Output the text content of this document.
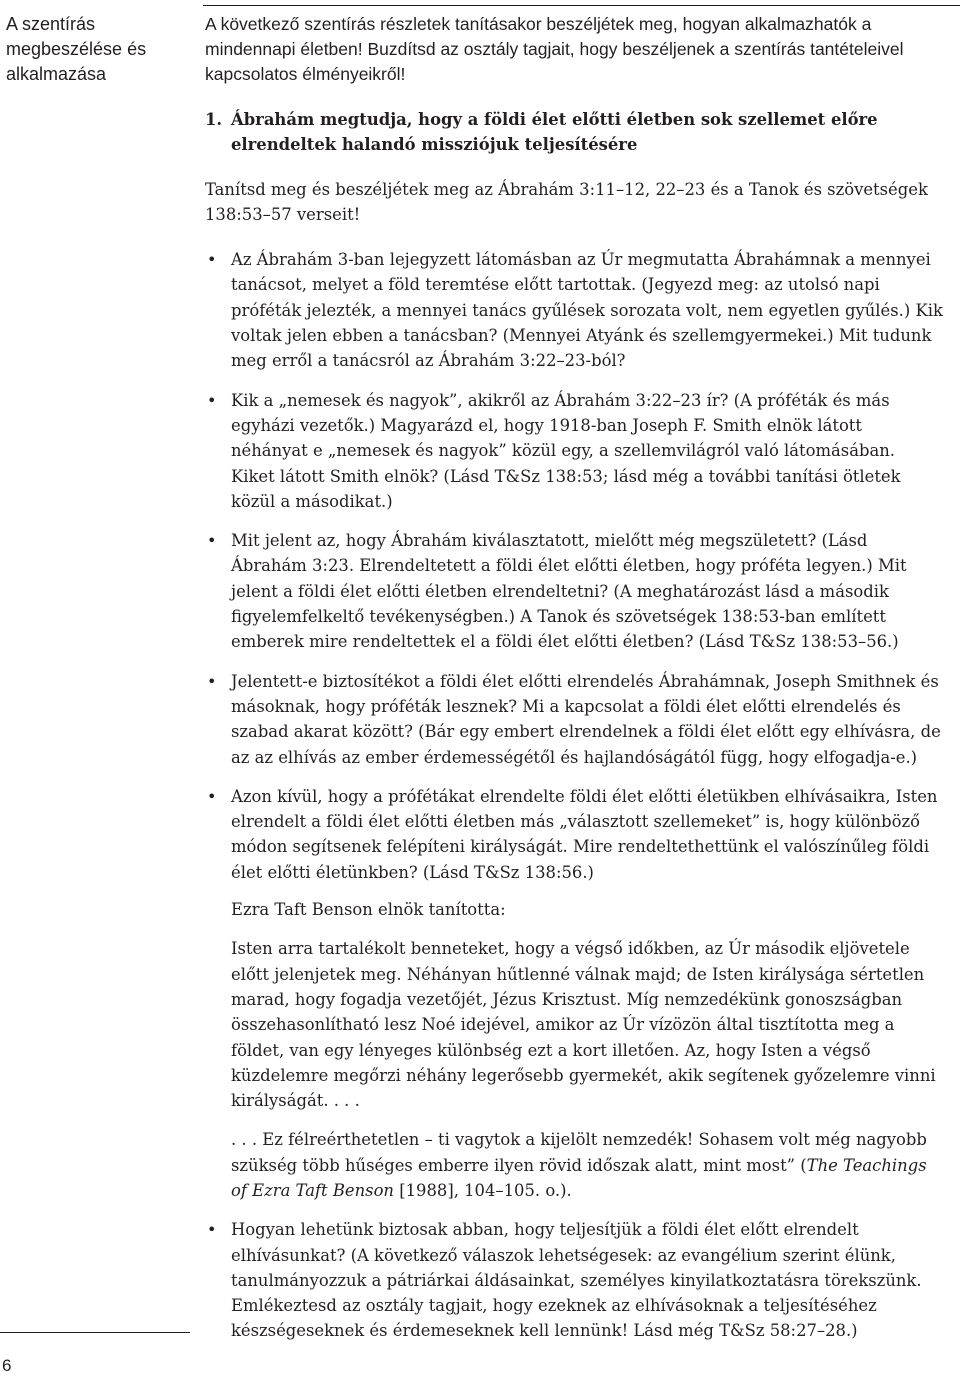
A szentírás
megbeszélése és
alkalmazása

A következő szentírás részletek tanításakor beszéljétek meg, hogyan alkalmazhatók a mindennapi életben! Buzdítsd az osztály tagjait, hogy beszéljenek a szentírás tantételeivel kapcsolatos élményeikről!

1. Ábrahám megtudja, hogy a földi élet előtti életben sok szellemet előre elrendeltek halandó missziójuk teljesítésére

Tanítsd meg és beszéljétek meg az Ábrahám 3:11–12, 22–23 és a Tanok és szövetségek 138:53–57 verseit!

• Az Ábrahám 3-ban lejegyzett látomásban az Úr megmutatta Ábrahámnak a mennyei tanácsot, melyet a föld teremtése előtt tartottak. (Jegyezd meg: az utolsó napi próféták jelezték, a mennyei tanács gyűlések sorozata volt, nem egyetlen gyűlés.) Kik voltak jelen ebben a tanácsban? (Mennyei Atyánk és szellemgyermekei.) Mit tudunk meg erről a tanácsról az Ábrahám 3:22–23-ból?
• Kik a „nemesek és nagyok”, akikről az Ábrahám 3:22–23 ír? (A próféták és más egyházi vezetők.) Magyarázd el, hogy 1918-ban Joseph F. Smith elnök látott néhányat e „nemesek és nagyok” közül egy, a szellemvilágról való látomásában. Kiket látott Smith elnök? (Lásd T&Sz 138:53; lásd még a további tanítási ötletek közül a másodikat.)
• Mit jelent az, hogy Ábrahám kiválasztatott, mielőtt még megszületett? (Lásd Ábrahám 3:23. Elrendeltetett a földi élet előtti életben, hogy próféta legyen.) Mit jelent a földi élet előtti életben elrendeltetni? (A meghatározást lásd a második figyelemfelkeltő tevékenységben.) A Tanok és szövetségek 138:53-ban említett emberek mire rendeltettek el a földi élet előtti életben? (Lásd T&Sz 138:53–56.)
• Jelentett-e biztosítékot a földi élet előtti elrendelés Ábrahámnak, Joseph Smithnek és másoknak, hogy próféták lesznek? Mi a kapcsolat a földi élet előtti elrendelés és szabad akarat között? (Bár egy embert elrendelnek a földi élet előtt egy elhívásra, de az az elhívás az ember érdemességétől és hajlandóságától függ, hogy elfogadja-e.)
• Azon kívül, hogy a prófétákat elrendelte földi élet előtti életükben elhívásaikra, Isten elrendelt a földi élet előtti életben más „választott szellemeket” is, hogy különböző módon segítsenek felépíteni királyságát. Mire rendeltethettünk el valószínűleg földi élet előtti életünkben? (Lásd T&Sz 138:56.)

Ezra Taft Benson elnök tanította:

Isten arra tartalékolt benneteket, hogy a végső időkben, az Úr második eljövetele előtt jelenjetek meg. Néhányan hűtlenné válnak majd; de Isten királysága sértetlen marad, hogy fogadja vezetőjét, Jézus Krisztust. Míg nemzedékünk gonoszságban összehasonlítható lesz Noé idejével, amikor az Úr vízözön által tisztította meg a földet, van egy lényeges különbség ezt a kort illetően. Az, hogy Isten a végső küzdelemre megőrzi néhány legerősebb gyermekét, akik segítenek győzelemre vinni királyságát. . . .

. . . Ez félreérthetetlen – ti vagytok a kijelölt nemzedék! Sohasem volt még nagyobb szükség több hűséges emberre ilyen rövid időszak alatt, mint most” (The Teachings of Ezra Taft Benson [1988], 104–105. o.).

• Hogyan lehetünk biztosak abban, hogy teljesítjük a földi élet előtt elrendelt elhívásunkat? (A következő válaszok lehetségesek: az evangélium szerint élünk, tanulmányozzuk a pátriárkai áldásainkat, személyes kinyilatkoztatásra törekszünk. Emlékeztesd az osztály tagjait, hogy ezeknek az elhívásoknak a teljesítéséhez készségeseknek és érdemeseknek kell lennünk! Lásd még T&Sz 58:27–28.)
6
